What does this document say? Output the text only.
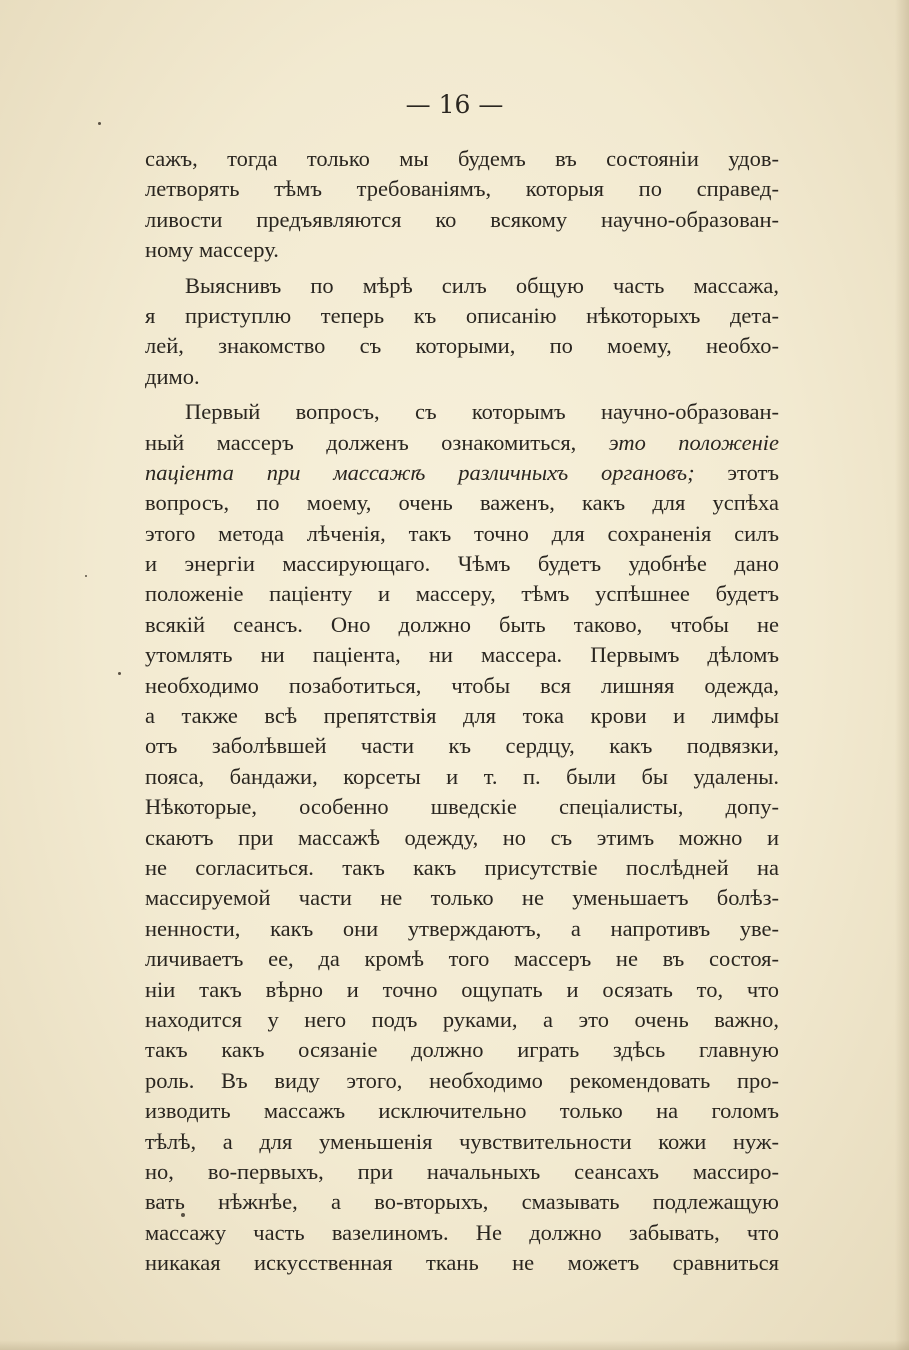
— 16 —
сажъ, тогда только мы будемъ въ состоянiи удов-
летворять тѣмъ требованiямъ, которыя по справед-
ливости предъявляются ко всякому научно-образован-
ному массеру.
Выяснивъ по мѣрѣ силъ общую часть массажа,
я приступлю теперь къ описанiю нѣкоторыхъ дета-
лей, знакомство съ которыми, по моему, необхо-
димо.
Первый вопросъ, съ которымъ научно-образован-
ный массеръ долженъ ознакомиться, это положенiе
пацiента при массажѣ различныхъ органовъ; этотъ
вопросъ, по моему, очень важенъ, какъ для успѣха
этого метода лѣченiя, такъ точно для сохраненiя силъ
и энергiи массирующаго. Чѣмъ будетъ удобнѣе дано
положенiе пацiенту и массеру, тѣмъ успѣшнее будетъ
всякiй сеансъ. Оно должно быть таково, чтобы не
утомлять ни пацiента, ни массера. Первымъ дѣломъ
необходимо позаботиться, чтобы вся лишняя одежда,
а также всѣ препятствiя для тока крови и лимфы
отъ заболѣвшей части къ сердцу, какъ подвязки,
пояса, бандажи, корсеты и т. п. были бы удалены.
Нѣкоторые, особенно шведскiе спецiалисты, допу-
скаютъ при массажѣ одежду, но съ этимъ можно и
не согласиться. такъ какъ присутствiе послѣдней на
массируемой части не только не уменьшаетъ болѣз-
ненности, какъ они утверждаютъ, а напротивъ уве-
личиваетъ ее, да кромѣ того массеръ не въ состоя-
нiи такъ вѣрно и точно ощупать и осязать то, что
находится у него подъ руками, а это очень важно,
такъ какъ осязанiе должно играть здѣсь главную
роль. Въ виду этого, необходимо рекомендовать про-
изводить массажъ исключительно только на голомъ
тѣлѣ, а для уменьшенiя чувствительности кожи нуж-
но, во-первыхъ, при начальныхъ сеансахъ массиро-
вать нѣжнѣе, а во-вторыхъ, смазывать подлежащую
массажу часть вазелиномъ. Не должно забывать, что
никакая искусственная ткань не можетъ сравниться
